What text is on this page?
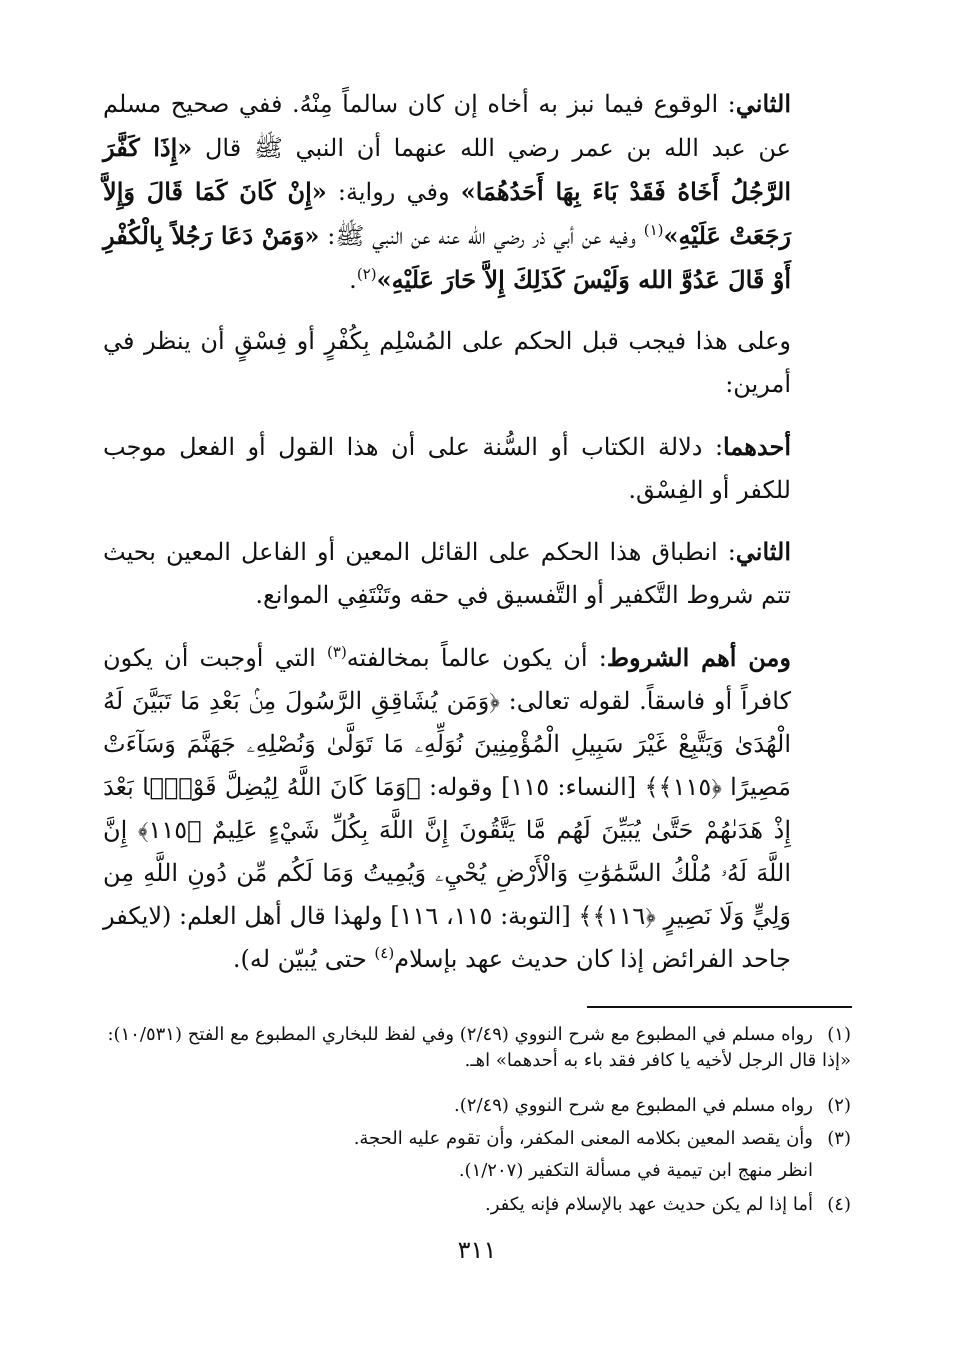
الثاني: الوقوع فيما نبز به أخاه إن كان سالماً مِنْهُ. ففي صحيح مسلم عن عبد الله بن عمر رضي الله عنهما أن النبي ﷺ قال «إِذَا كَفَّرَ الرَّجُلُ أَخَاهُ فَقَدْ بَاءَ بِهَا أَحَدُهُمَا» وفي رواية: «إِنْ كَانَ كَمَا قَالَ وَإِلاَّ رَجَعَتْ عَلَيْهِ»$^{(١)}$ وفيه عن أبي ذر رضي الله عنه عن النبي ﷺ: «وَمَنْ دَعَا رَجُلاً بِالْكُفْرِ أَوْ قَالَ عَدُوَّ الله وَلَيْسَ كَذَلِكَ إِلاَّ حَارَ عَلَيْهِ»$^{(٢)}$.

وعلى هذا فيجب قبل الحكم على المُسْلِم بِكُفْرٍ أو فِسْقٍ أن ينظر في أمرين:

أحدهما: دلالة الكتاب أو السُّنة على أن هذا القول أو الفعل موجب للكفر أو الفِسْق.

الثاني: انطباق هذا الحكم على القائل المعين أو الفاعل المعين بحيث تتم شروط التَّكفير أو التَّفسيق في حقه وتَنْتَفِي الموانع.

ومن أهم الشروط: أن يكون عالماً بمخالفته$^{(٣)}$ التي أوجبت أن يكون كافراً أو فاسقاً. لقوله تعالى: ﴿وَمَن يُشَاقِقِ الرَّسُولَ مِنۢ بَعْدِ مَا تَبَيَّنَ لَهُ الْهُدَىٰ وَيَتَّبِعْ غَيْرَ سَبِيلِ الْمُؤْمِنِينَ نُوَلِّهِۦ مَا تَوَلَّىٰ وَنُصْلِهِۦ جَهَنَّمَ وَسَآءَتْ مَصِيرًا ﴿١١٥﴾﴾ [النساء: ١١٥] وقوله: ﴿وَمَا كَانَ اللَّهُ لِيُضِلَّ قَوْمًۢا بَعْدَ إِذْ هَدَىٰهُمْ حَتَّىٰ يُبَيِّنَ لَهُم مَّا يَتَّقُونَ إِنَّ اللَّهَ بِكُلِّ شَيْءٍ عَلِيمٌ ﴿١١٥﴾ إِنَّ اللَّهَ لَهُۥ مُلْكُ السَّمَٰوَٰتِ وَالْأَرْضِ يُحْيِۦ وَيُمِيتُ وَمَا لَكُم مِّن دُونِ اللَّهِ مِن وَلِيٍّ وَلَا نَصِيرٍ ﴿١١٦﴾﴾ [التوبة: ١١٥، ١١٦] ولهذا قال أهل العلم: (لايكفر جاحد الفرائض إذا كان حديث عهد بإسلام$^{(٤)}$ حتى يُبيّن له).

(١)رواه مسلم في المطبوع مع شرح النووي (٢/٤٩) وفي لفظ للبخاري المطبوع مع الفتح (١٠/٥٣١): «إذا قال الرجل لأخيه يا كافر فقد باء به أحدهما» اهـ.

(٢)رواه مسلم في المطبوع مع شرح النووي (٢/٤٩).

(٣)وأن يقصد المعين بكلامه المعنى المكفر، وأن تقوم عليه الحجة.

انظر منهج ابن تيمية في مسألة التكفير (١/٢٠٧).

(٤)أما إذا لم يكن حديث عهد بالإسلام فإنه يكفر.

٣١١
